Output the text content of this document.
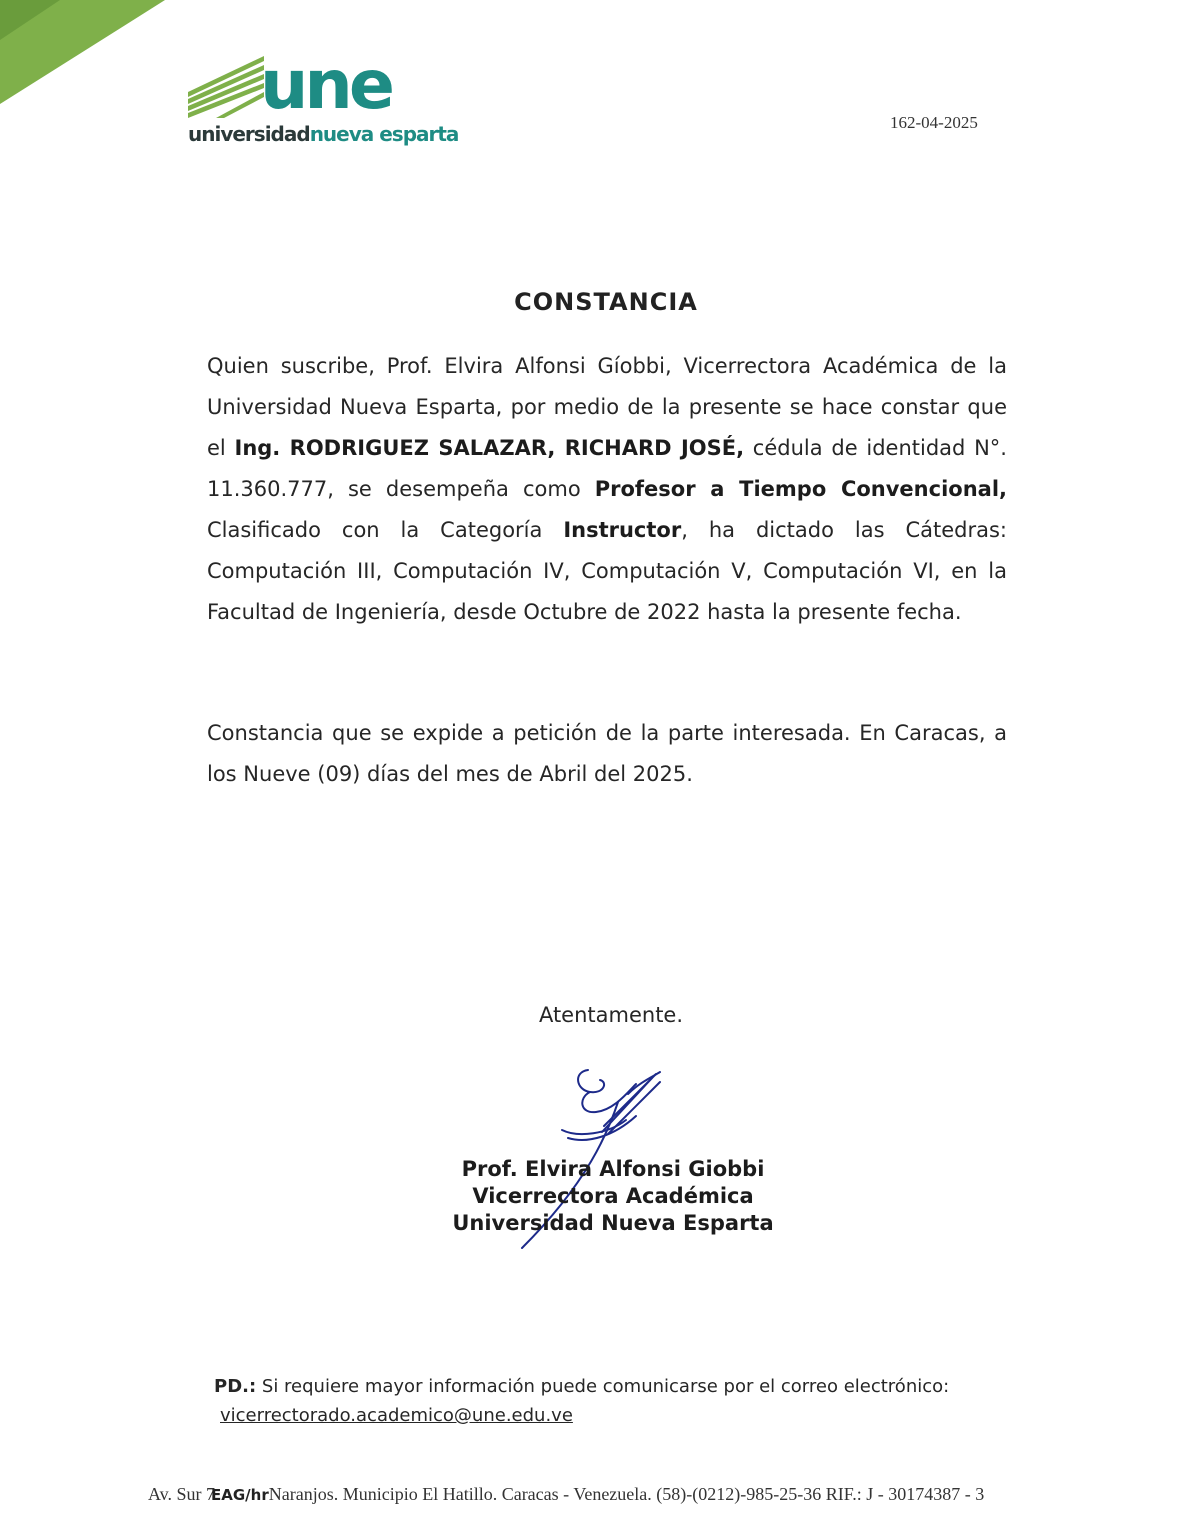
une
universidadnueva esparta	162-04-2025
CONSTANCIA
Quien suscribe, Prof. Elvira Alfonsi Gíobbi, Vicerrectora Académica de la Universidad Nueva Esparta, por medio de la presente se hace constar que el Ing. RODRIGUEZ SALAZAR, RICHARD JOSÉ, cédula de identidad N°. 11.360.777, se desempeña como Profesor a Tiempo Convencional, Clasificado con la Categoría Instructor, ha dictado las Cátedras: Computación III, Computación IV, Computación V, Computación VI, en la Facultad de Ingeniería, desde Octubre de 2022 hasta la presente fecha.
Constancia que se expide a petición de la parte interesada. En Caracas, a los Nueve (09) días del mes de Abril del 2025.
Atentamente.
Prof. Elvira Alfonsi Giobbi
Vicerrectora Académica
Universidad Nueva Esparta
PD.: Si requiere mayor información puede comunicarse por el correo electrónico:
vicerrectorado.academico@une.edu.ve
Av. Sur 7EAG/hrNaranjos. Municipio El Hatillo. Caracas - Venezuela. (58)-(0212)-985-25-36 RIF.: J - 30174387 - 3
